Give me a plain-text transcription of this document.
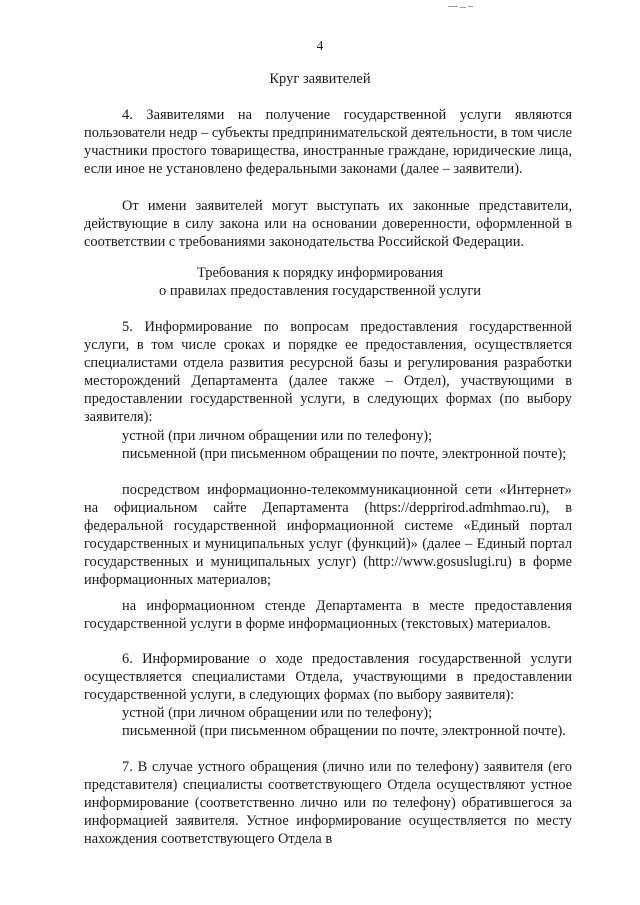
4
Круг заявителей

4. Заявителями на получение государственной услуги являются пользователи недр – субъекты предпринимательской деятельности, в том числе участники простого товарищества, иностранные граждане, юридические лица, если иное не установлено федеральными законами (далее – заявители).

От имени заявителей могут выступать их законные представители, действующие в силу закона или на основании доверенности, оформленной в соответствии с требованиями законодательства Российской Федерации.

Требования к порядку информирования
о правилах предоставления государственной услуги

5. Информирование по вопросам предоставления государственной услуги, в том числе сроках и порядке ее предоставления, осуществляется специалистами отдела развития ресурсной базы и регулирования разработки месторождений Департамента (далее также – Отдел), участвующими в предоставлении государственной услуги, в следующих формах (по выбору заявителя):

устной (при личном обращении или по телефону);

письменной (при письменном обращении по почте, электронной почте);

посредством информационно-телекоммуникационной сети «Интернет» на официальном сайте Департамента (https://depprirod.admhmao.ru), в федеральной государственной информационной системе «Единый портал государственных и муниципальных услуг (функций)» (далее – Единый портал государственных и муниципальных услуг) (http://www.gosuslugi.ru) в форме информационных материалов;

на информационном стенде Департамента в месте предоставления государственной услуги в форме информационных (текстовых) материалов.

6. Информирование о ходе предоставления государственной услуги осуществляется специалистами Отдела, участвующими в предоставлении государственной услуги, в следующих формах (по выбору заявителя):

устной (при личном обращении или по телефону);

письменной (при письменном обращении по почте, электронной почте).

7. В случае устного обращения (лично или по телефону) заявителя (его представителя) специалисты соответствующего Отдела осуществляют устное информирование (соответственно лично или по телефону) обратившегося за информацией заявителя. Устное информирование осуществляется по месту нахождения соответствующего Отдела в
